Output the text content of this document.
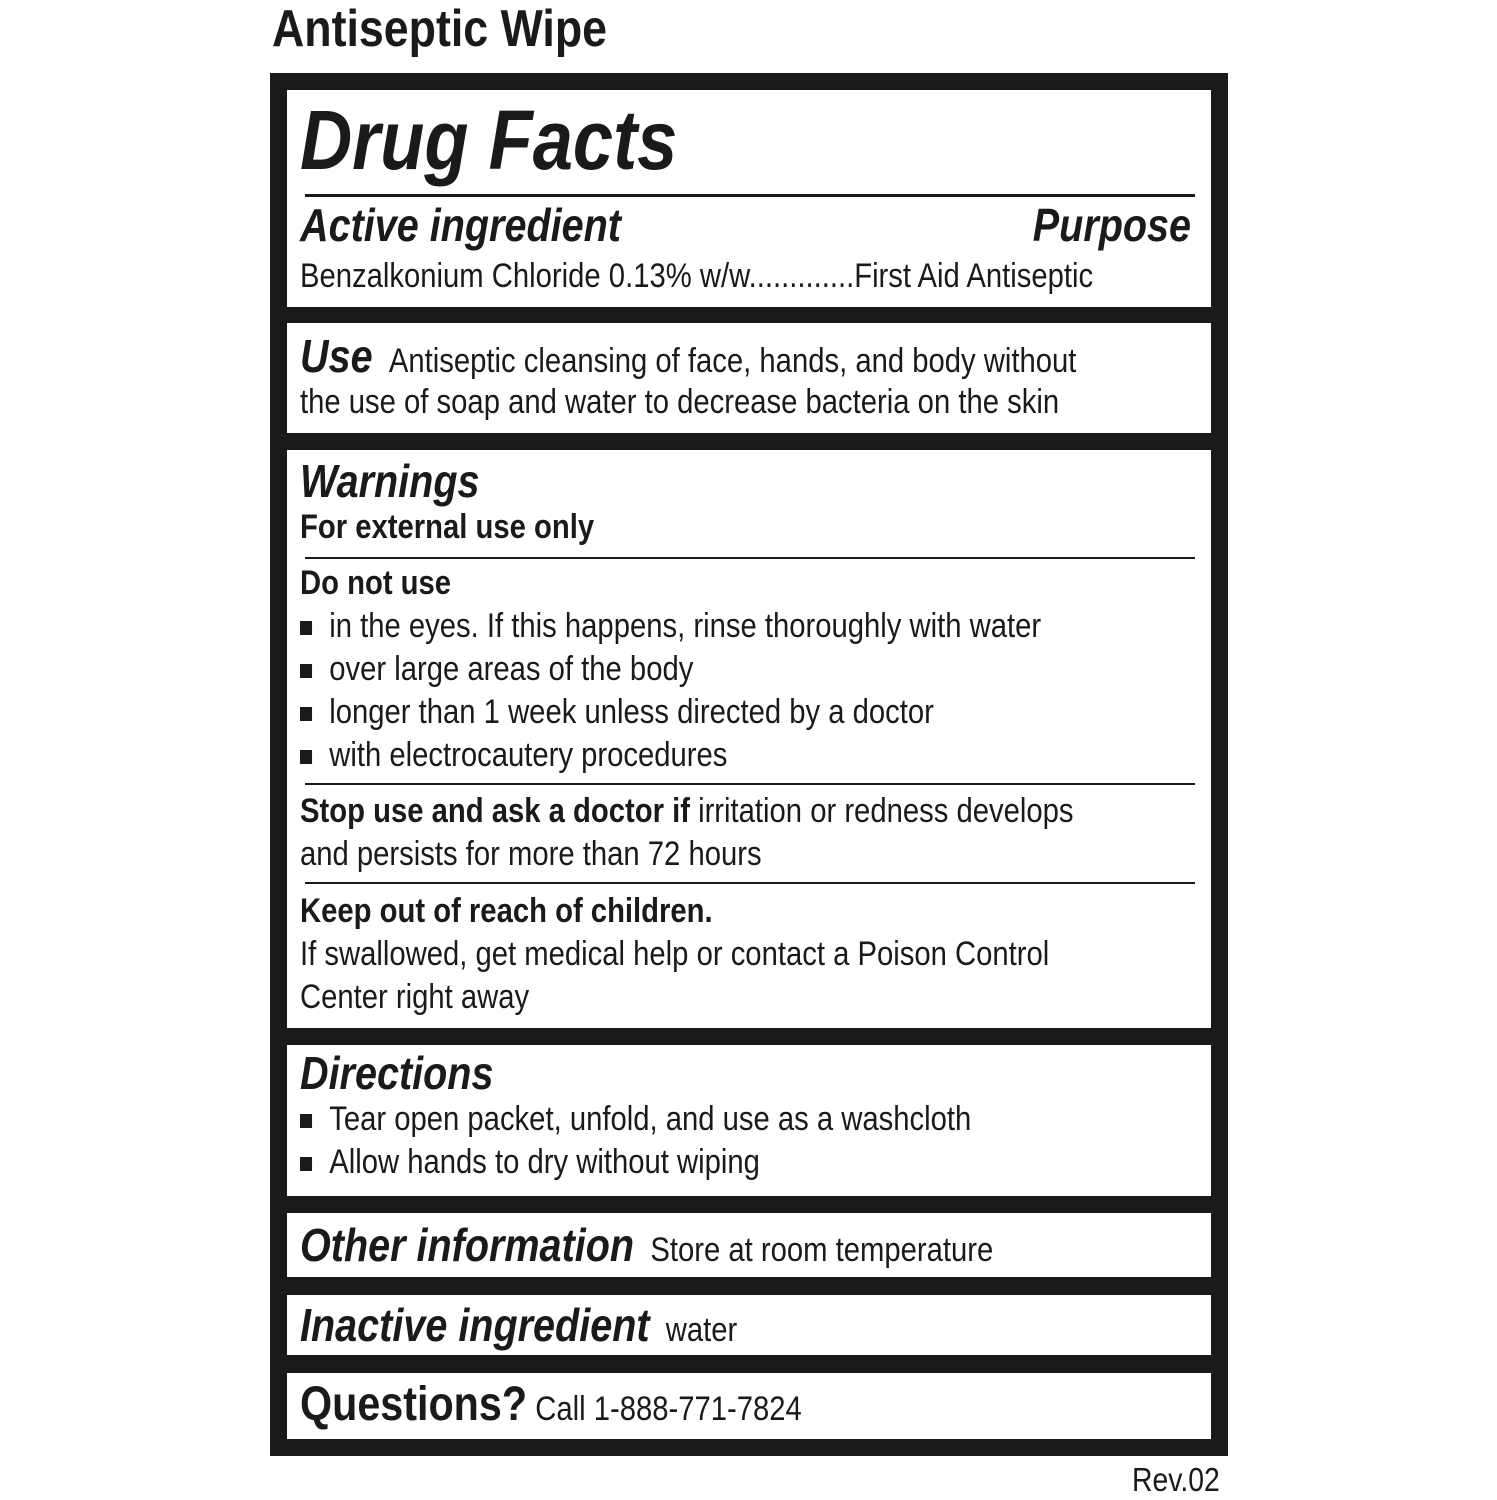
Antiseptic Wipe
Drug Facts
Active ingredient	Purpose
Benzalkonium Chloride 0.13% w/w.............First Aid Antiseptic
Use Antiseptic cleansing of face, hands, and body without
the use of soap and water to decrease bacteria on the skin
Warnings
For external use only
Do not use
in the eyes. If this happens, rinse thoroughly with water
over large areas of the body
longer than 1 week unless directed by a doctor
with electrocautery procedures
Stop use and ask a doctor if irritation or redness develops
and persists for more than 72 hours
Keep out of reach of children.
If swallowed, get medical help or contact a Poison Control
Center right away
Directions
Tear open packet, unfold, and use as a washcloth
Allow hands to dry without wiping
Other information Store at room temperature
Inactive ingredient water
Questions? Call 1-888-771-7824
Rev.02
